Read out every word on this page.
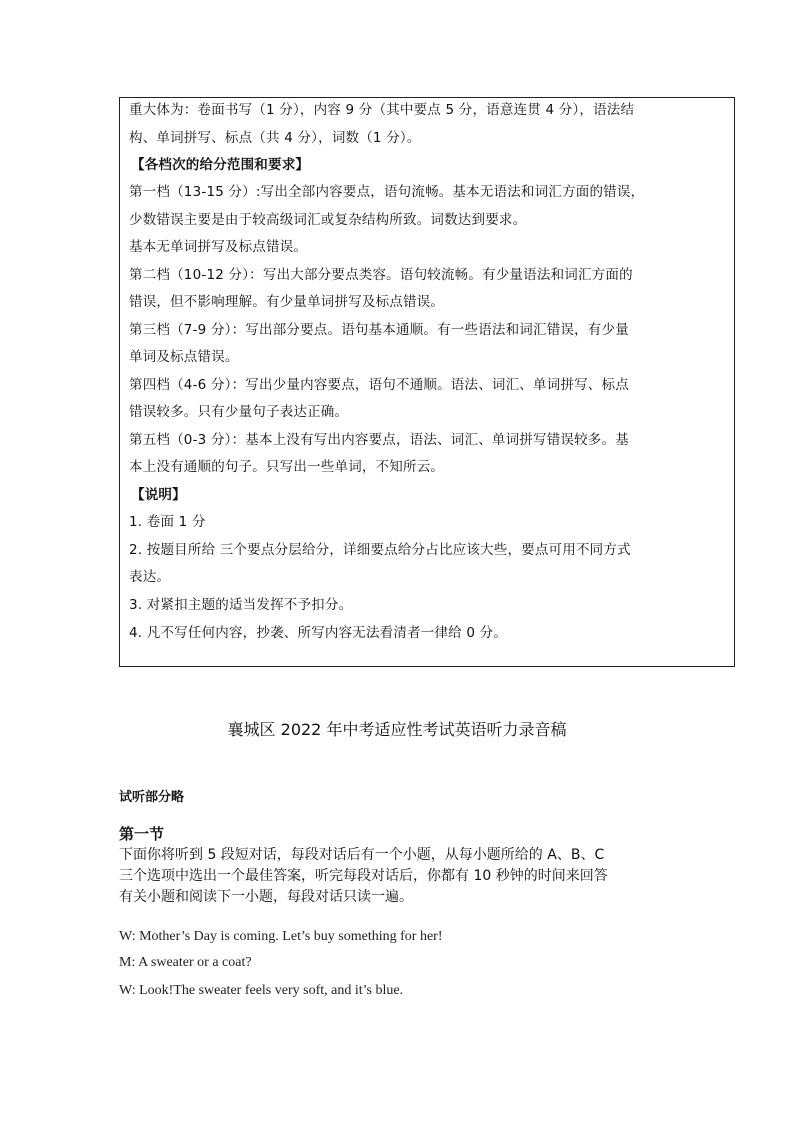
重大体为：卷面书写（1 分），内容 9 分（其中要点 5 分，语意连贯 4 分），语法结
构、单词拼写、标点（共 4 分），词数（1 分）。
【各档次的给分范围和要求】
第一档（13-15 分）:写出全部内容要点，语句流畅。基本无语法和词汇方面的错误，
少数错误主要是由于较高级词汇或复杂结构所致。词数达到要求。
基本无单词拼写及标点错误。
第二档（10-12 分）：写出大部分要点类容。语句较流畅。有少量语法和词汇方面的
错误，但不影响理解。有少量单词拼写及标点错误。
第三档（7-9 分）：写出部分要点。语句基本通顺。有一些语法和词汇错误，有少量
单词及标点错误。
第四档（4-6 分）：写出少量内容要点，语句不通顺。语法、词汇、单词拼写、标点
错误较多。只有少量句子表达正确。
第五档（0-3 分）：基本上没有写出内容要点，语法、词汇、单词拼写错误较多。基
本上没有通顺的句子。只写出一些单词，不知所云。
【说明】
1. 卷面 1 分
2. 按题目所给 三个要点分层给分，详细要点给分占比应该大些，要点可用不同方式
表达。
3. 对紧扣主题的适当发挥不予扣分。
4. 凡不写任何内容，抄袭、所写内容无法看清者一律给 0 分。
襄城区 2022 年中考适应性考试英语听力录音稿
试听部分略
第一节
下面你将听到 5 段短对话，每段对话后有一个小题，从每小题所给的 A、B、C
三个选项中选出一个最佳答案，听完每段对话后，你都有 10 秒钟的时间来回答
有关小题和阅读下一小题，每段对话只读一遍。
W: Mother’s Day is coming. Let’s buy something for her!
M: A sweater or a coat?
W: Look!The sweater feels very soft, and it’s blue.
